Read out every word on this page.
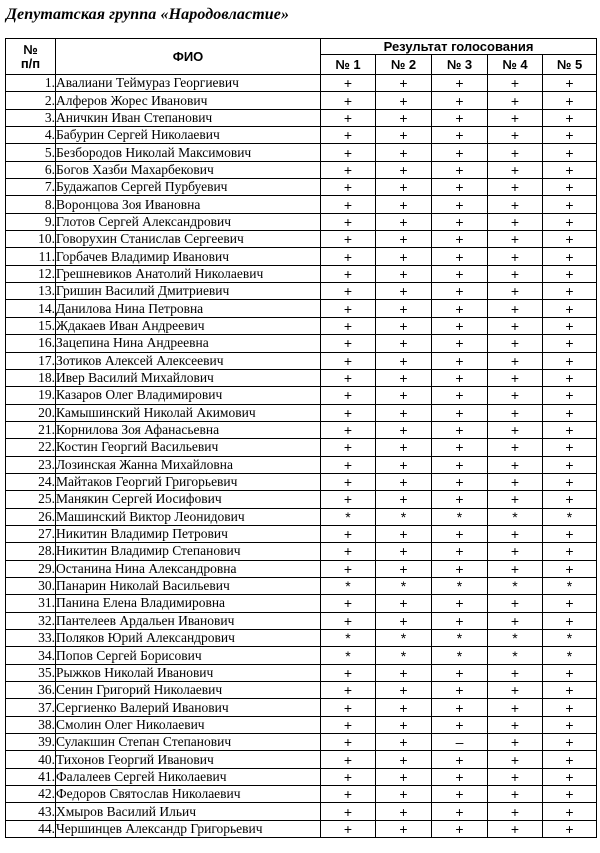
Депутатская группа «Народовластие»
№
п/п	ФИО	Результат голосования				
		№ 1	№ 2	№ 3	№ 4	№ 5
1.	Авалиани Теймураз Георгиевич	+	+	+	+	+
2.	Алферов Жорес Иванович	+	+	+	+	+
3.	Аничкин Иван Степанович	+	+	+	+	+
4.	Бабурин Сергей Николаевич	+	+	+	+	+
5.	Безбородов Николай Максимович	+	+	+	+	+
6.	Богов Хазби Махарбекович	+	+	+	+	+
7.	Будажапов Сергей Пурбуевич	+	+	+	+	+
8.	Воронцова Зоя Ивановна	+	+	+	+	+
9.	Глотов Сергей Александрович	+	+	+	+	+
10.	Говорухин Станислав Сергеевич	+	+	+	+	+
11.	Горбачев Владимир Иванович	+	+	+	+	+
12.	Грешневиков Анатолий Николаевич	+	+	+	+	+
13.	Гришин Василий Дмитриевич	+	+	+	+	+
14.	Данилова Нина Петровна	+	+	+	+	+
15.	Ждакаев Иван Андреевич	+	+	+	+	+
16.	Зацепина Нина Андреевна	+	+	+	+	+
17.	Зотиков Алексей Алексеевич	+	+	+	+	+
18.	Ивер Василий Михайлович	+	+	+	+	+
19.	Казаров Олег Владимирович	+	+	+	+	+
20.	Камышинский Николай Акимович	+	+	+	+	+
21.	Корнилова Зоя Афанасьевна	+	+	+	+	+
22.	Костин Георгий Васильевич	+	+	+	+	+
23.	Лозинская Жанна Михайловна	+	+	+	+	+
24.	Майтаков Георгий Григорьевич	+	+	+	+	+
25.	Манякин Сергей Иосифович	+	+	+	+	+
26.	Машинский Виктор Леонидович	*	*	*	*	*
27.	Никитин Владимир Петрович	+	+	+	+	+
28.	Никитин Владимир Степанович	+	+	+	+	+
29.	Останина Нина Александровна	+	+	+	+	+
30.	Панарин Николай Васильевич	*	*	*	*	*
31.	Панина Елена Владимировна	+	+	+	+	+
32.	Пантелеев Ардальен Иванович	+	+	+	+	+
33.	Поляков Юрий Александрович	*	*	*	*	*
34.	Попов Сергей Борисович	*	*	*	*	*
35.	Рыжков Николай Иванович	+	+	+	+	+
36.	Сенин Григорий Николаевич	+	+	+	+	+
37.	Сергиенко Валерий Иванович	+	+	+	+	+
38.	Смолин Олег Николаевич	+	+	+	+	+
39.	Сулакшин Степан Степанович	+	+	–	+	+
40.	Тихонов Георгий Иванович	+	+	+	+	+
41.	Фалалеев Сергей Николаевич	+	+	+	+	+
42.	Федоров Святослав Николаевич	+	+	+	+	+
43.	Хмыров Василий Ильич	+	+	+	+	+
44.	Чершинцев Александр Григорьевич	+	+	+	+	+
